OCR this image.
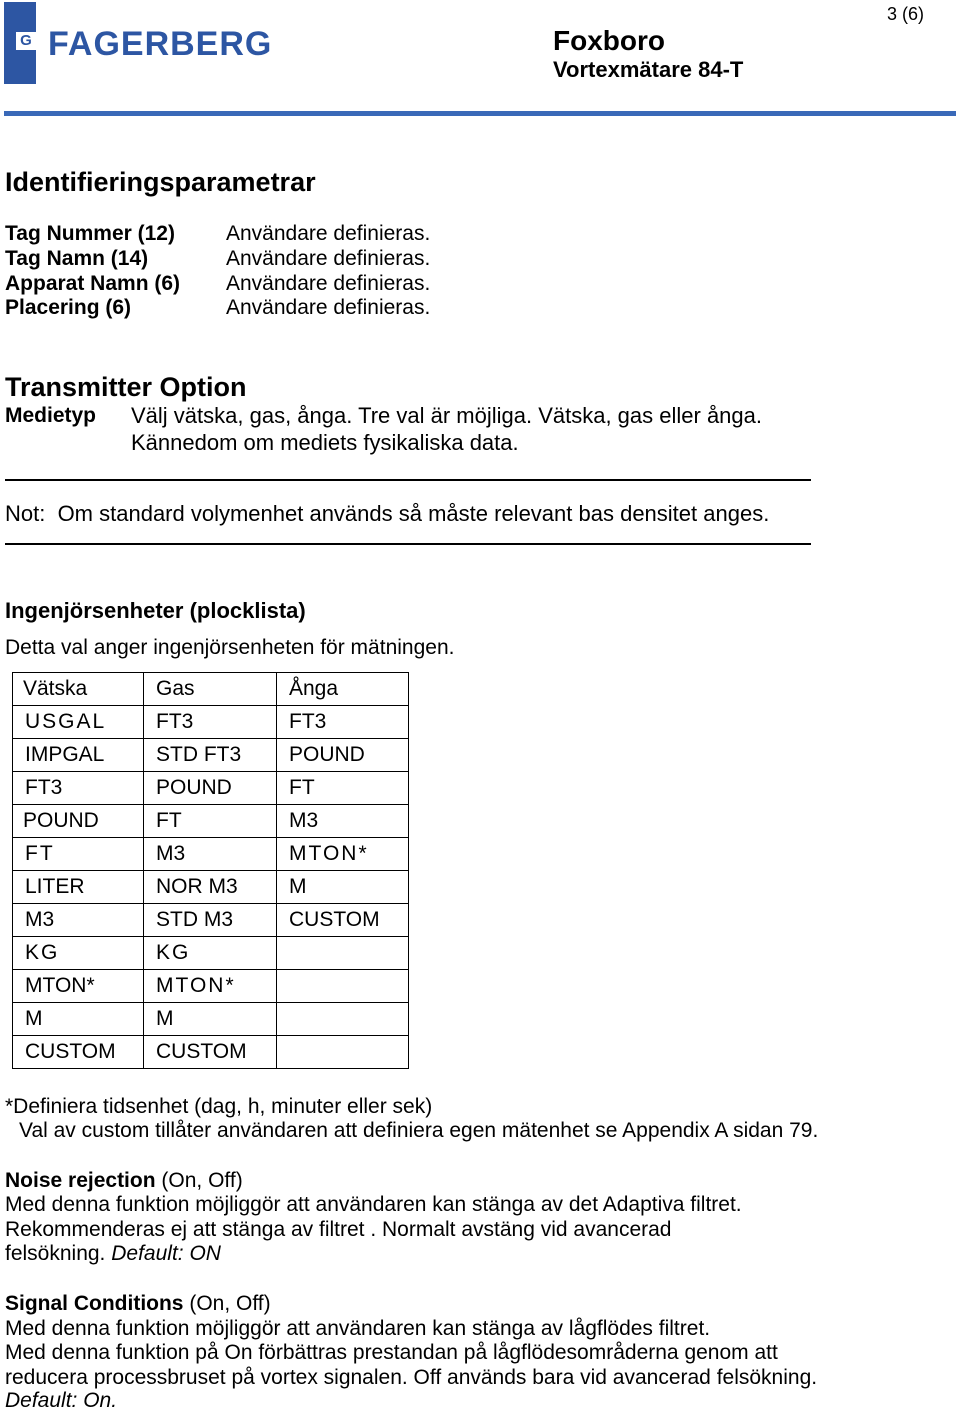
3 (6)
G FAGERBERG	Foxboro
Vortexmätare 84-T
Identifieringsparametrar
Tag Nummer (12)	Användare definieras.
Tag Namn (14)	Användare definieras.
Apparat Namn (6)	Användare definieras.
Placering (6)	Användare definieras.
Transmitter Option
Medietyp Välj vätska, gas, ånga. Tre val är möjliga. Vätska, gas eller ånga.
Kännedom om mediets fysikaliska data.
Not:  Om standard volymenhet används så måste relevant bas densitet anges.
Ingenjörsenheter (plocklista)
Detta val anger ingenjörsenheten för mätningen.
Vätska	Gas	Ånga
USGAL	FT3	FT3
IMPGAL	STD FT3	POUND
FT3	POUND	FT
POUND	FT	M3
FT	M3	MTON*
LITER	NOR M3	M
M3	STD M3	CUSTOM
KG	KG	
MTON*	MTON*	
M	M	
CUSTOM	CUSTOM	
*Definiera tidsenhet (dag, h, minuter eller sek)
Val av custom tillåter användaren att definiera egen mätenhet se Appendix A sidan 79.
Noise rejection (On, Off)
Med denna funktion möjliggör att användaren kan stänga av det Adaptiva filtret.
Rekommenderas ej att stänga av filtret . Normalt avstäng vid avancerad
felsökning. Default: ON
Signal Conditions (On, Off)
Med denna funktion möjliggör att användaren kan stänga av lågflödes filtret.
Med denna funktion på On förbättras prestandan på lågflödesområderna genom att
reducera processbruset på vortex signalen. Off används bara vid avancerad felsökning.
Default: On.
